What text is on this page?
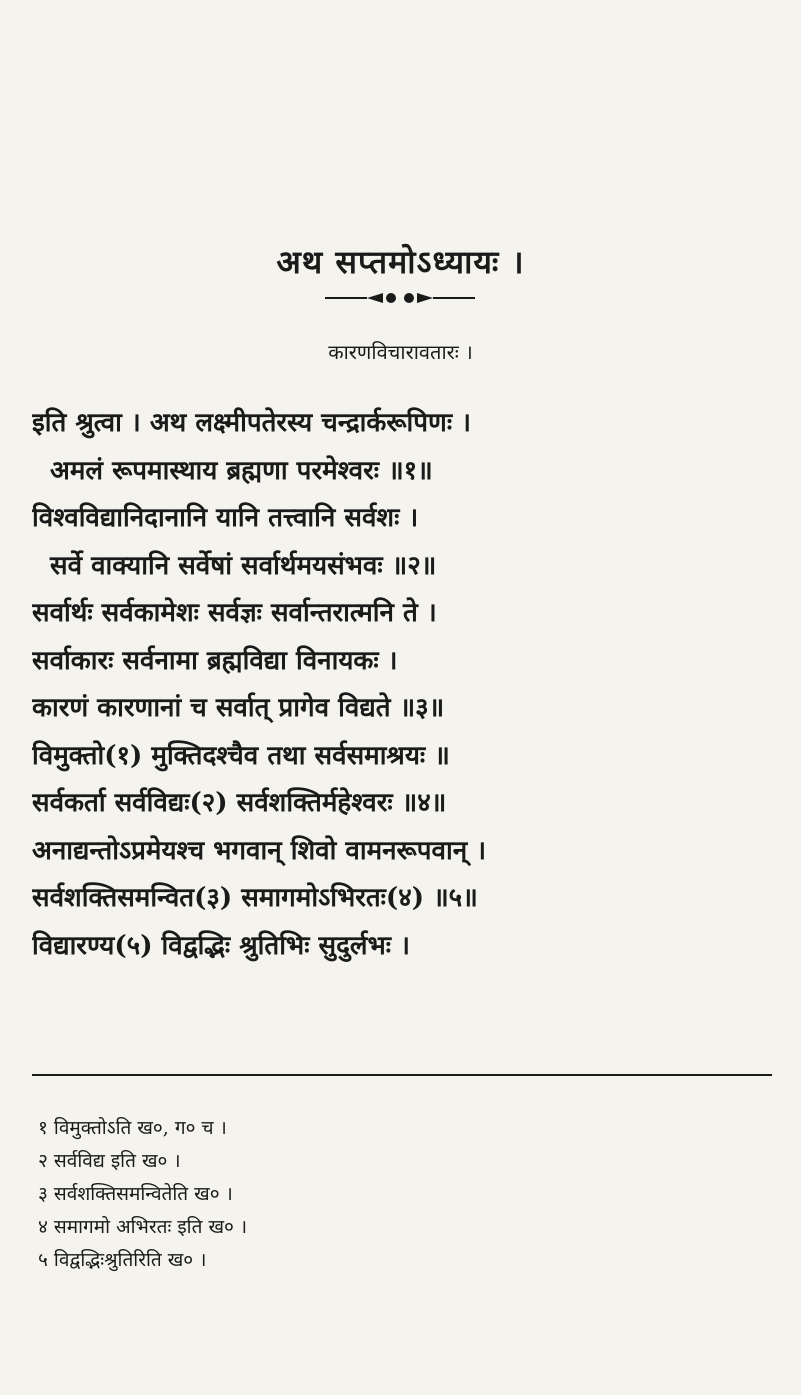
अथ सप्तमोऽध्यायः ।
कारणविचारावतारः ।
इति श्रुत्वा । अथ लक्ष्मीपतेरस्य चन्द्रार्करूपिणः ।
अमलं रूपमास्थाय ब्रह्मणा परमेश्वरः ॥१॥
विश्वविद्यानिदानानि यानि तत्त्वानि सर्वशः ।
सर्वे वाक्यानि सर्वेषां सर्वार्थमयसंभवः ॥२॥
सर्वार्थः सर्वकामेशः सर्वज्ञः सर्वान्तरात्मनि ते ।
सर्वाकारः सर्वनामा ब्रह्मविद्या विनायकः ।
कारणं कारणानां च सर्वात् प्रागेव विद्यते ॥३॥
विमुक्तो(१) मुक्तिदश्चैव तथा सर्वसमाश्रयः ॥
सर्वकर्ता सर्वविद्यः(२) सर्वशक्तिर्महेश्वरः ॥४॥
अनाद्यन्तोऽप्रमेयश्च भगवान् शिवो वामनरूपवान् ।
सर्वशक्तिसमन्वित(३) समागमोऽभिरतः(४) ॥५॥
विद्यारण्य(५) विद्वद्भिः श्रुतिभिः सुदुर्लभः ।
१ विमुक्तोऽति ख०, ग० च ।
२ सर्वविद्य इति ख० ।
३ सर्वशक्तिसमन्वितेति ख० ।
४ समागमो अभिरतः इति ख० ।
५ विद्वद्भिःश्रुतिरिति ख० ।
